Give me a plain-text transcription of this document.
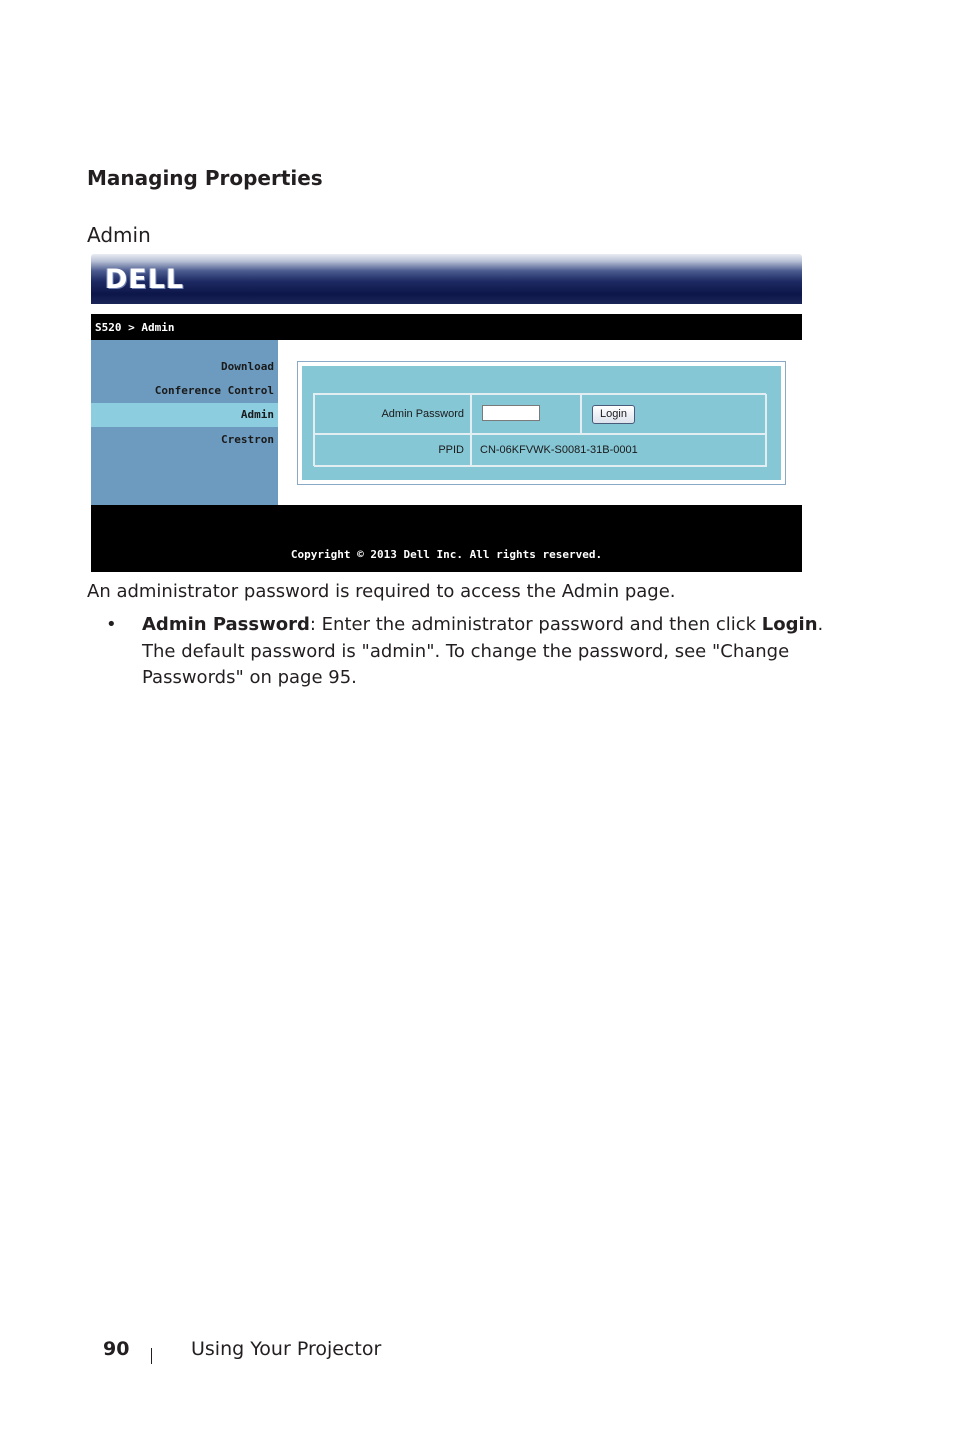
Managing Properties
Admin
DELL
S520 > Admin
Download
Conference Control
Admin
Crestron
Admin Password	Login
PPID	CN-06KFVWK-S0081-31B-0001
Copyright © 2013 Dell Inc. All rights reserved.

An administrator password is required to access the Admin page.

• Admin Password: Enter the administrator password and then click Login. The default password is "admin". To change the password, see "Change Passwords" on page 95.

90	Using Your Projector
